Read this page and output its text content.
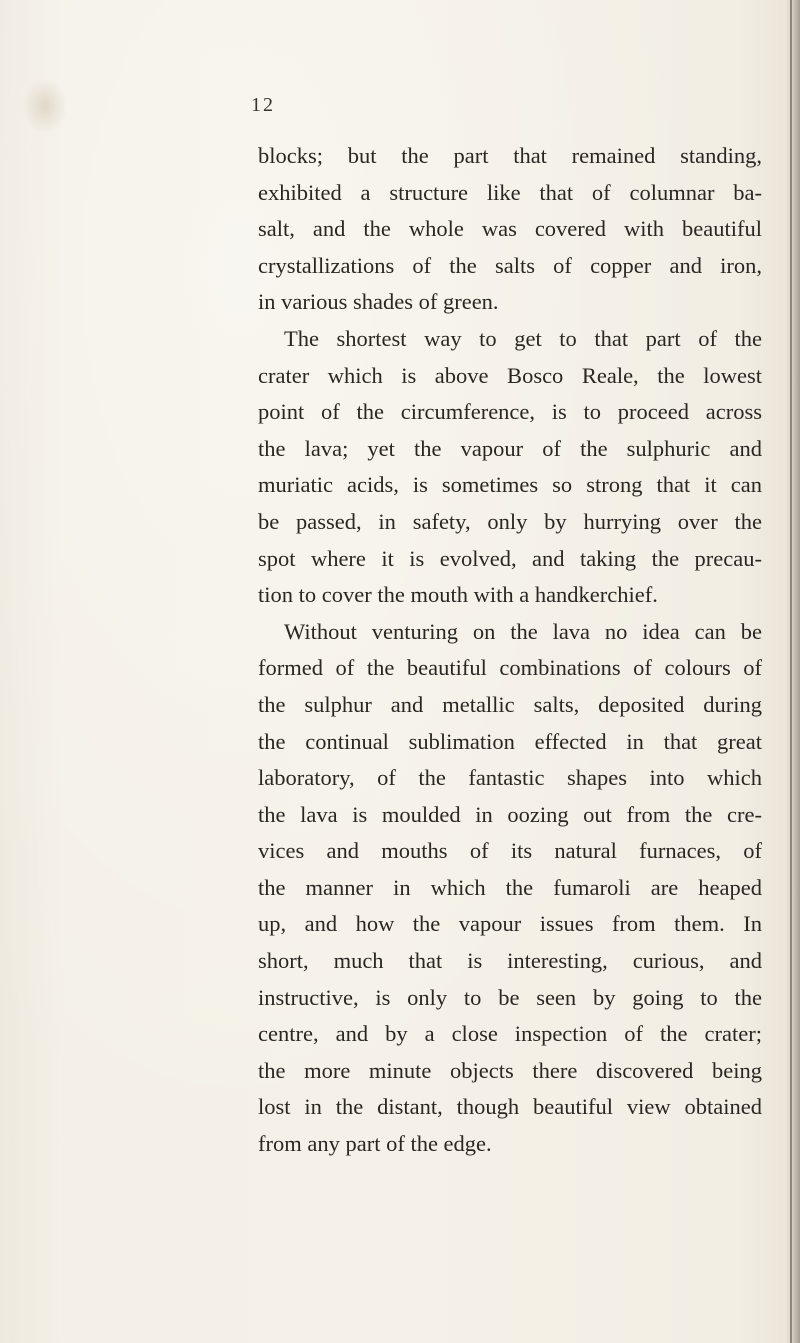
12
blocks; but the part that remained standing,
exhibited a structure like that of columnar ba-
salt, and the whole was covered with beautiful
crystallizations of the salts of copper and iron,
in various shades of green.
The shortest way to get to that part of the
crater which is above Bosco Reale, the lowest
point of the circumference, is to proceed across
the lava; yet the vapour of the sulphuric and
muriatic acids, is sometimes so strong that it can
be passed, in safety, only by hurrying over the
spot where it is evolved, and taking the precau-
tion to cover the mouth with a handkerchief.
Without venturing on the lava no idea can be
formed of the beautiful combinations of colours of
the sulphur and metallic salts, deposited during
the continual sublimation effected in that great
laboratory, of the fantastic shapes into which
the lava is moulded in oozing out from the cre-
vices and mouths of its natural furnaces, of
the manner in which the fumaroli are heaped
up, and how the vapour issues from them. In
short, much that is interesting, curious, and
instructive, is only to be seen by going to the
centre, and by a close inspection of the crater;
the more minute objects there discovered being
lost in the distant, though beautiful view obtained
from any part of the edge.
